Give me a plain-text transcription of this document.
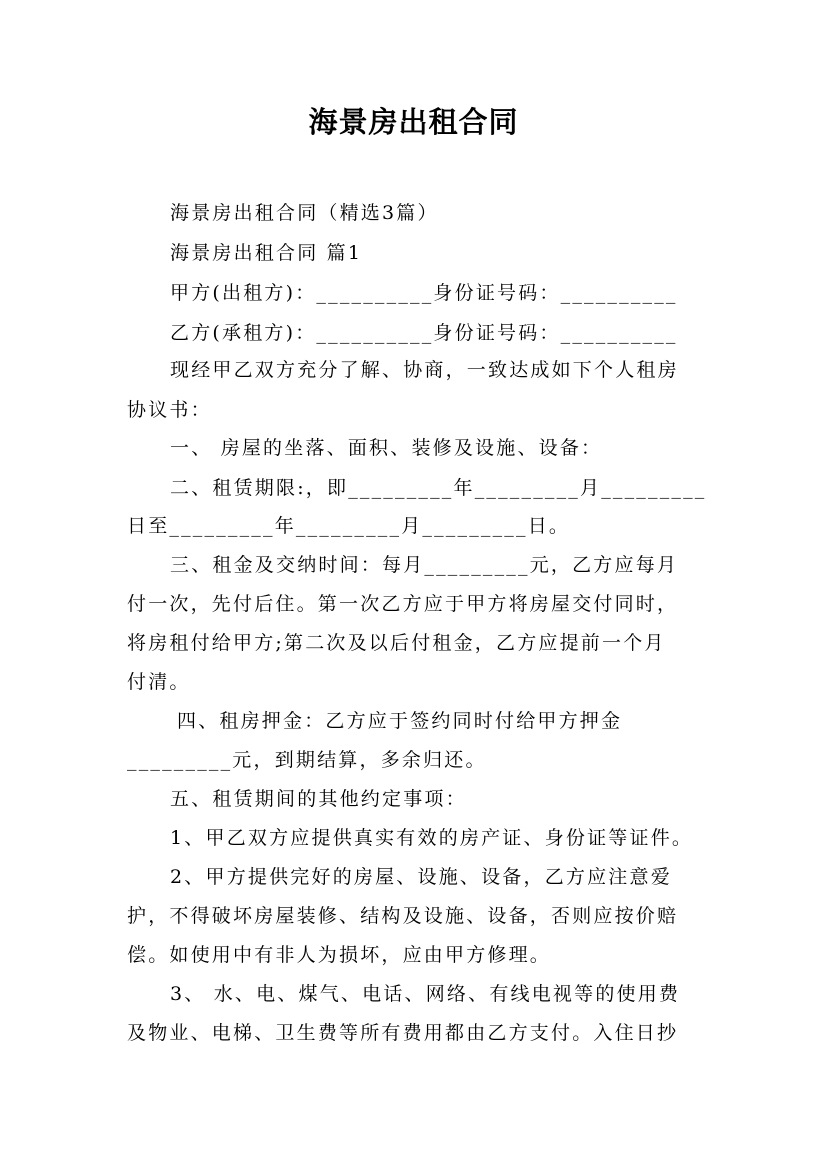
海景房出租合同
海景房出租合同（精选3篇）
海景房出租合同 篇1
甲方(出租方)：__________身份证号码：__________
乙方(承租方)：__________身份证号码：__________
现经甲乙双方充分了解、协商，一致达成如下个人租房
协议书：
一、 房屋的坐落、面积、装修及设施、设备：
二、租赁期限:，即_________年_________月_________
日至_________年_________月_________日。
三、租金及交纳时间：每月_________元，乙方应每月
付一次，先付后住。第一次乙方应于甲方将房屋交付同时，
将房租付给甲方;第二次及以后付租金，乙方应提前一个月
付清。
四、租房押金：乙方应于签约同时付给甲方押金
_________元，到期结算，多余归还。
五、租赁期间的其他约定事项：
1、甲乙双方应提供真实有效的房产证、身份证等证件。
2、甲方提供完好的房屋、设施、设备，乙方应注意爱
护，不得破坏房屋装修、结构及设施、设备，否则应按价赔
偿。如使用中有非人为损坏，应由甲方修理。
3、 水、电、煤气、电话、网络、有线电视等的使用费
及物业、电梯、卫生费等所有费用都由乙方支付。入住日抄
